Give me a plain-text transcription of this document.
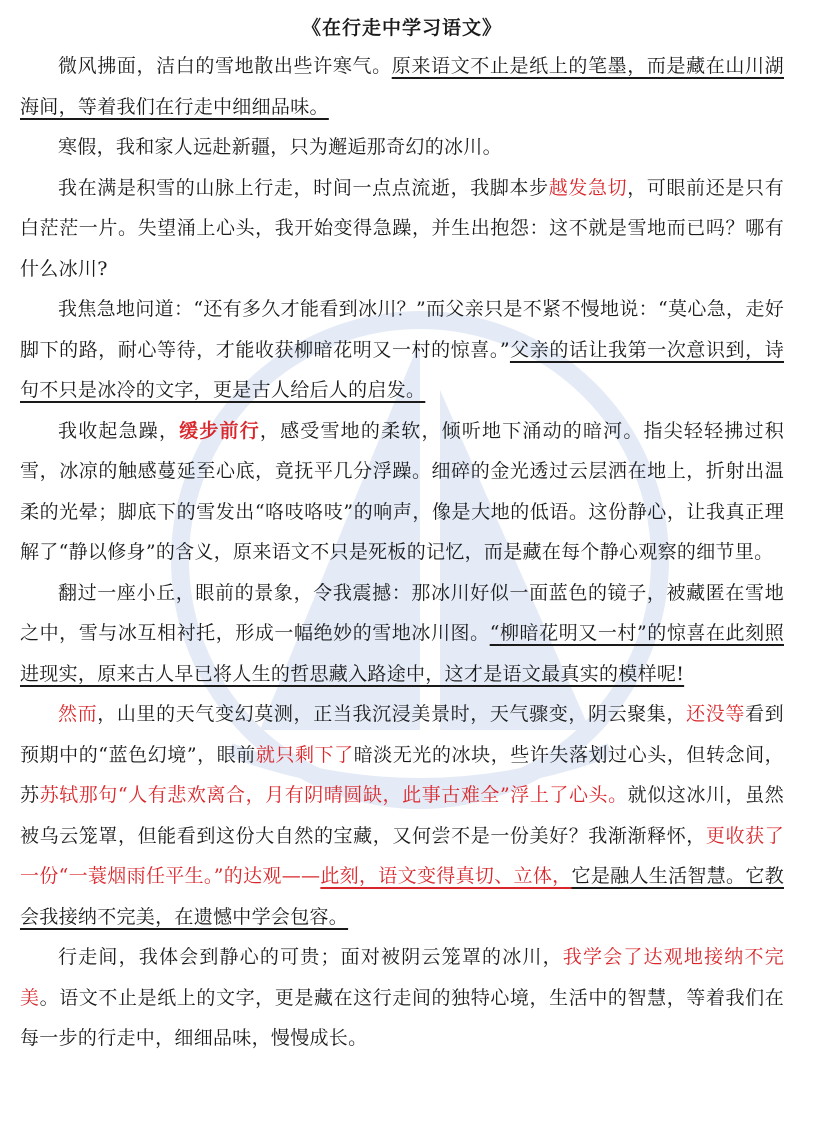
《在行走中学习语文》

微风拂面，洁白的雪地散出些许寒气。原来语文不止是纸上的笔墨，而是藏在山川湖海间，等着我们在行走中细细品味。

寒假，我和家人远赴新疆，只为邂逅那奇幻的冰川。

我在满是积雪的山脉上行走，时间一点点流逝，我脚本步越发急切，可眼前还是只有白茫茫一片。失望涌上心头，我开始变得急躁，并生出抱怨：这不就是雪地而已吗？哪有什么冰川?

我焦急地问道：“还有多久才能看到冰川？”而父亲只是不紧不慢地说：“莫心急，走好脚下的路，耐心等待，才能收获柳暗花明又一村的惊喜。”父亲的话让我第一次意识到，诗句不只是冰冷的文字，更是古人给后人的启发。

我收起急躁，缓步前行，感受雪地的柔软，倾听地下涌动的暗河。指尖轻轻拂过积雪，冰凉的触感蔓延至心底，竟抚平几分浮躁。细碎的金光透过云层洒在地上，折射出温柔的光晕；脚底下的雪发出“咯吱咯吱”的响声，像是大地的低语。这份静心，让我真正理解了“静以修身”的含义，原来语文不只是死板的记忆，而是藏在每个静心观察的细节里。

翻过一座小丘，眼前的景象，令我震撼：那冰川好似一面蓝色的镜子，被藏匿在雪地之中，雪与冰互相衬托，形成一幅绝妙的雪地冰川图。“柳暗花明又一村”的惊喜在此刻照进现实，原来古人早已将人生的哲思藏入路途中，这才是语文最真实的模样呢!

然而，山里的天气变幻莫测，正当我沉浸美景时，天气骤变，阴云聚集，还没等看到预期中的“蓝色幻境”，眼前就只剩下了暗淡无光的冰块，些许失落划过心头，但转念间，苏苏轼那句“人有悲欢离合，月有阴晴圆缺，此事古难全”浮上了心头。就似这冰川，虽然被乌云笼罩，但能看到这份大自然的宝藏，又何尝不是一份美好？我渐渐释怀，更收获了一份“一蓑烟雨任平生。”的达观——此刻，语文变得真切、立体，它是融人生活智慧。它教会我接纳不完美，在遗憾中学会包容。

行走间，我体会到静心的可贵；面对被阴云笼罩的冰川，我学会了达观地接纳不完美。语文不止是纸上的文字，更是藏在这行走间的独特心境，生活中的智慧，等着我们在每一步的行走中，细细品味，慢慢成长。
